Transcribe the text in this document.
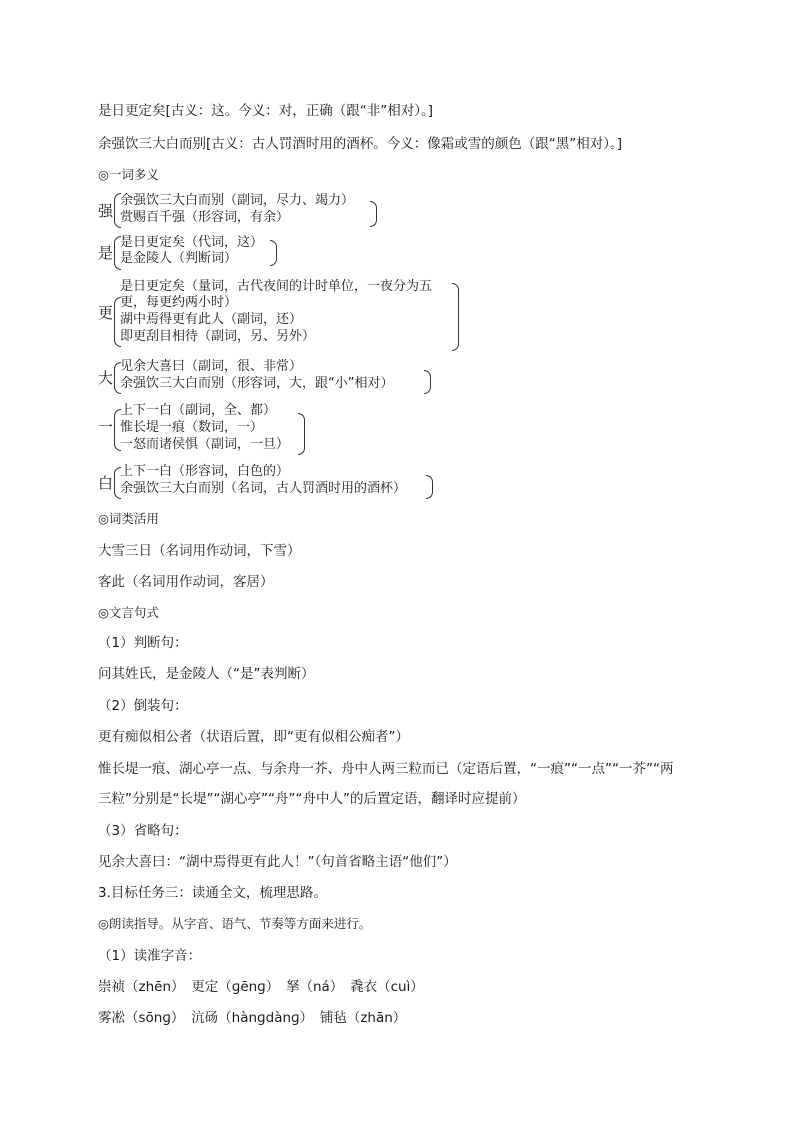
是日更定矣[古义：这。今义：对，正确（跟“非”相对）。]
余强饮三大白而别[古义：古人罚酒时用的酒杯。今义：像霜或雪的颜色（跟“黑”相对）。]
◎一词多义
强
余强饮三大白而别（副词，尽力、竭力）
赏赐百千强（形容词，有余）
是
是日更定矣（代词，这）
是金陵人（判断词）
更
是日更定矣（量词，古代夜间的计时单位，一夜分为五
更，每更约两小时）
湖中焉得更有此人（副词，还）
即更刮目相待（副词，另、另外）
大
见余大喜曰（副词，很、非常）
余强饮三大白而别（形容词，大，跟“小”相对）
一
上下一白（副词，全、都）
惟长堤一痕（数词，一）
一怒而诸侯惧（副词，一旦）
白
上下一白（形容词，白色的）
余强饮三大白而别（名词，古人罚酒时用的酒杯）
◎词类活用
大雪三日（名词用作动词，下雪）
客此（名词用作动词，客居）
◎文言句式
（1）判断句：
问其姓氏，是金陵人（“是”表判断）
（2）倒装句：
更有痴似相公者（状语后置，即“更有似相公痴者”）
惟长堤一痕、湖心亭一点、与余舟一芥、舟中人两三粒而已（定语后置，“一痕”“一点”“一芥”“两
三粒”分别是“长堤”“湖心亭”“舟”“舟中人”的后置定语，翻译时应提前）
（3）省略句：
见余大喜曰：“湖中焉得更有此人！”（句首省略主语“他们”）
3.目标任务三：读通全文，梳理思路。
◎朗读指导。从字音、语气、节奏等方面来进行。
（1）读准字音：
崇祯（zhēn）　更定（ɡēnɡ）　拏（ná）　毳衣（cuì）
雾凇（sōnɡ）　沆砀（hànɡdànɡ）　铺毡（zhān）
